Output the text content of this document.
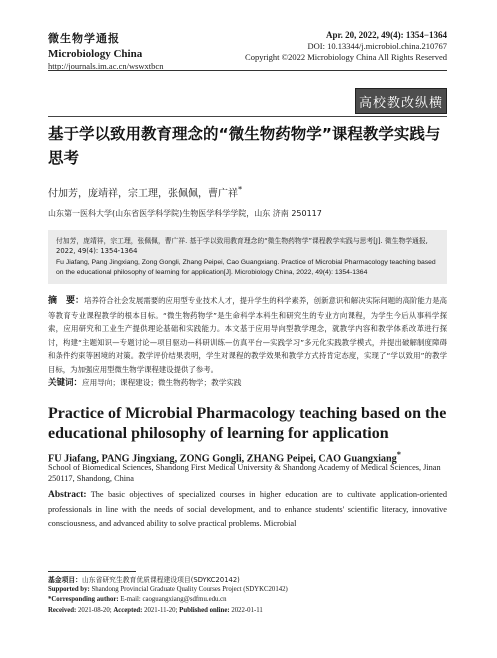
微生物学通报
Microbiology China
http://journals.im.ac.cn/wswxtbcn
Apr. 20, 2022, 49(4): 1354−1364
DOI: 10.13344/j.microbiol.china.210767
Copyright ©2022 Microbiology China All Rights Reserved
高校教改纵横
基于学以致用教育理念的“微生物药物学”课程教学实践与思考
付加芳，庞靖祥，宗工理，张佩佩，曹广祥*
山东第一医科大学(山东省医学科学院)生物医学科学学院，山东 济南 250117
付加芳，庞靖祥，宗工理，张佩佩，曹广祥. 基于学以致用教育理念的“微生物药物学”课程教学实践与思考[J]. 微生物学通报, 2022, 49(4): 1354-1364
Fu Jiafang, Pang Jingxiang, Zong Gongli, Zhang Peipei, Cao Guangxiang. Practice of Microbial Pharmacology teaching based on the educational philosophy of learning for application[J]. Microbiology China, 2022, 49(4): 1354-1364
摘　要：培养符合社会发展需要的应用型专业技术人才，提升学生的科学素养，创新意识和解决实际问题的高阶能力是高等教育专业课程教学的根本目标。“微生物药物学”是生命科学本科生和研究生的专业方向课程，为学生今后从事科学探索，应用研究和工业生产提供理论基础和实践能力。本文基于应用导向型教学理念，就教学内容和教学体系改革进行探讨，构建“主题知识—专题讨论—项目驱动—科研训练—仿真平台—实践学习”多元化实践教学模式，并提出破解制度障碍和条件约束等困境的对策。教学评价结果表明，学生对课程的教学效果和教学方式持肯定态度，实现了“学以致用”的教学目标，为加强应用型微生物学课程建设提供了参考。
关键词：应用导向；课程建设；微生物药物学；教学实践
Practice of Microbial Pharmacology teaching based on the educational philosophy of learning for application
FU Jiafang, PANG Jingxiang, ZONG Gongli, ZHANG Peipei, CAO Guangxiang*
School of Biomedical Sciences, Shandong First Medical University & Shandong Academy of Medical Sciences, Jinan 250117, Shandong, China
Abstract: The basic objectives of specialized courses in higher education are to cultivate application-oriented professionals in line with the needs of social development, and to enhance students' scientific literacy, innovative consciousness, and advanced ability to solve practical problems. Microbial
基金项目：山东省研究生教育优质课程建设项目(SDYKC20142)
Supported by: Shandong Provincial Graduate Quality Courses Project (SDYKC20142)
*Corresponding author: E-mail: caoguangxiang@sdfmu.edu.cn
Received: 2021-08-20; Accepted: 2021-11-20; Published online: 2022-01-11
